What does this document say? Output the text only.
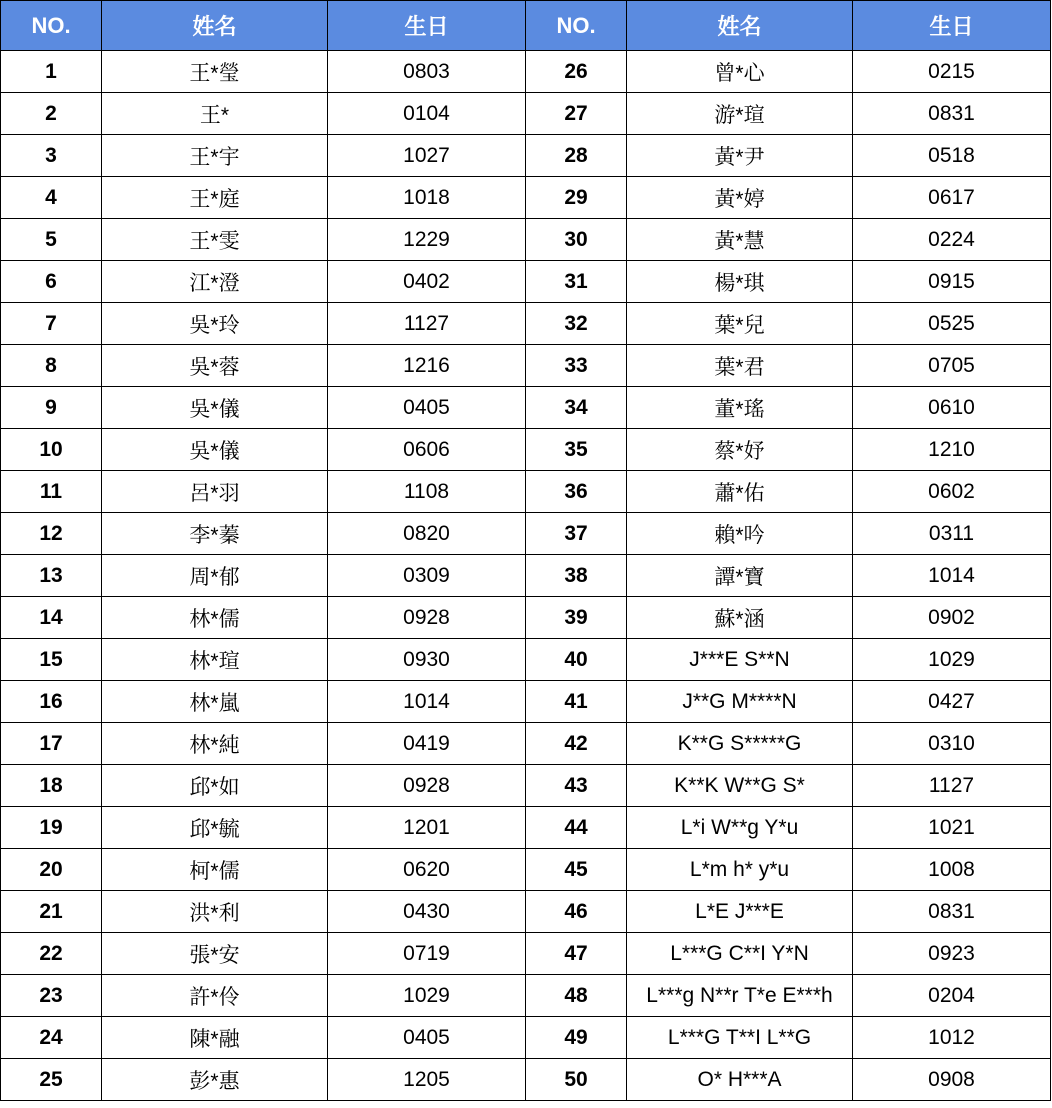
NO.	姓名	生日	NO.	姓名	生日
1	王*瑩	0803	26	曾*心	0215
2	王*	0104	27	游*瑄	0831
3	王*宇	1027	28	黃*尹	0518
4	王*庭	1018	29	黃*婷	0617
5	王*雯	1229	30	黃*慧	0224
6	江*澄	0402	31	楊*琪	0915
7	吳*玲	1127	32	葉*兒	0525
8	吳*蓉	1216	33	葉*君	0705
9	吳*儀	0405	34	董*瑤	0610
10	吳*儀	0606	35	蔡*妤	1210
11	呂*羽	1108	36	蕭*佑	0602
12	李*蓁	0820	37	賴*吟	0311
13	周*郁	0309	38	譚*寶	1014
14	林*儒	0928	39	蘇*涵	0902
15	林*瑄	0930	40	J***E S**N	1029
16	林*嵐	1014	41	J**G M****N	0427
17	林*純	0419	42	K**G S*****G	0310
18	邱*如	0928	43	K**K W**G S*	1127
19	邱*毓	1201	44	L*i W**g Y*u	1021
20	柯*儒	0620	45	L*m h* y*u	1008
21	洪*利	0430	46	L*E J***E	0831
22	張*安	0719	47	L***G C**I Y*N	0923
23	許*伶	1029	48	L***g N**r T*e E***h	0204
24	陳*融	0405	49	L***G T**I L**G	1012
25	彭*惠	1205	50	O* H***A	0908
